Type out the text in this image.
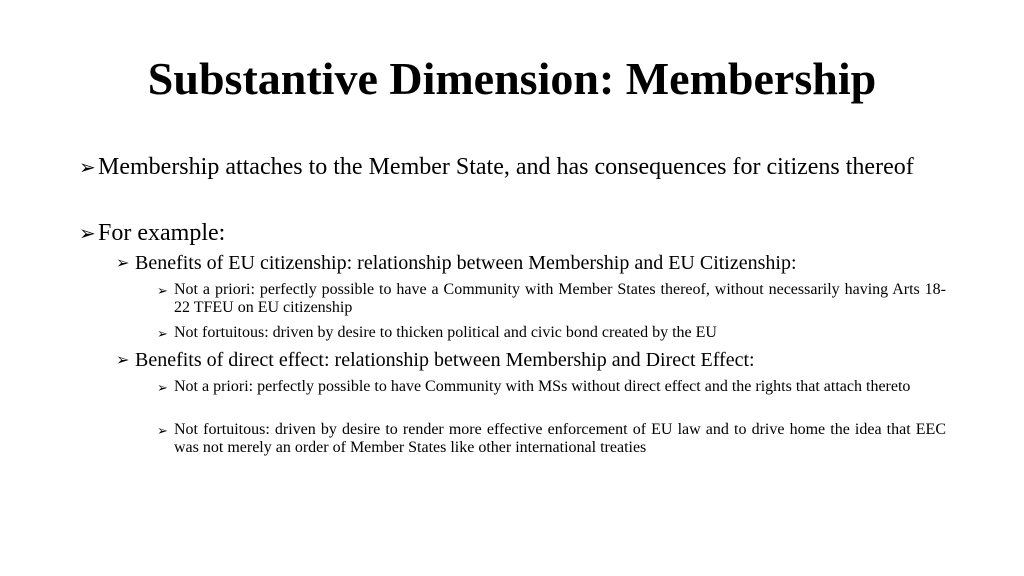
Substantive Dimension: Membership
➢ Membership attaches to the Member State, and has consequences for citizens thereof
➢ For example:
➢ Benefits of EU citizenship: relationship between Membership and EU Citizenship:
➢ Not a priori: perfectly possible to have a Community with Member States thereof, without necessarily having Arts 18-22 TFEU on EU citizenship
➢ Not fortuitous: driven by desire to thicken political and civic bond created by the EU
➢ Benefits of direct effect: relationship between Membership and Direct Effect:
➢ Not a priori: perfectly possible to have Community with MSs without direct effect and the rights that attach thereto
➢ Not fortuitous: driven by desire to render more effective enforcement of EU law and to drive home the idea that EEC was not merely an order of Member States like other international treaties
